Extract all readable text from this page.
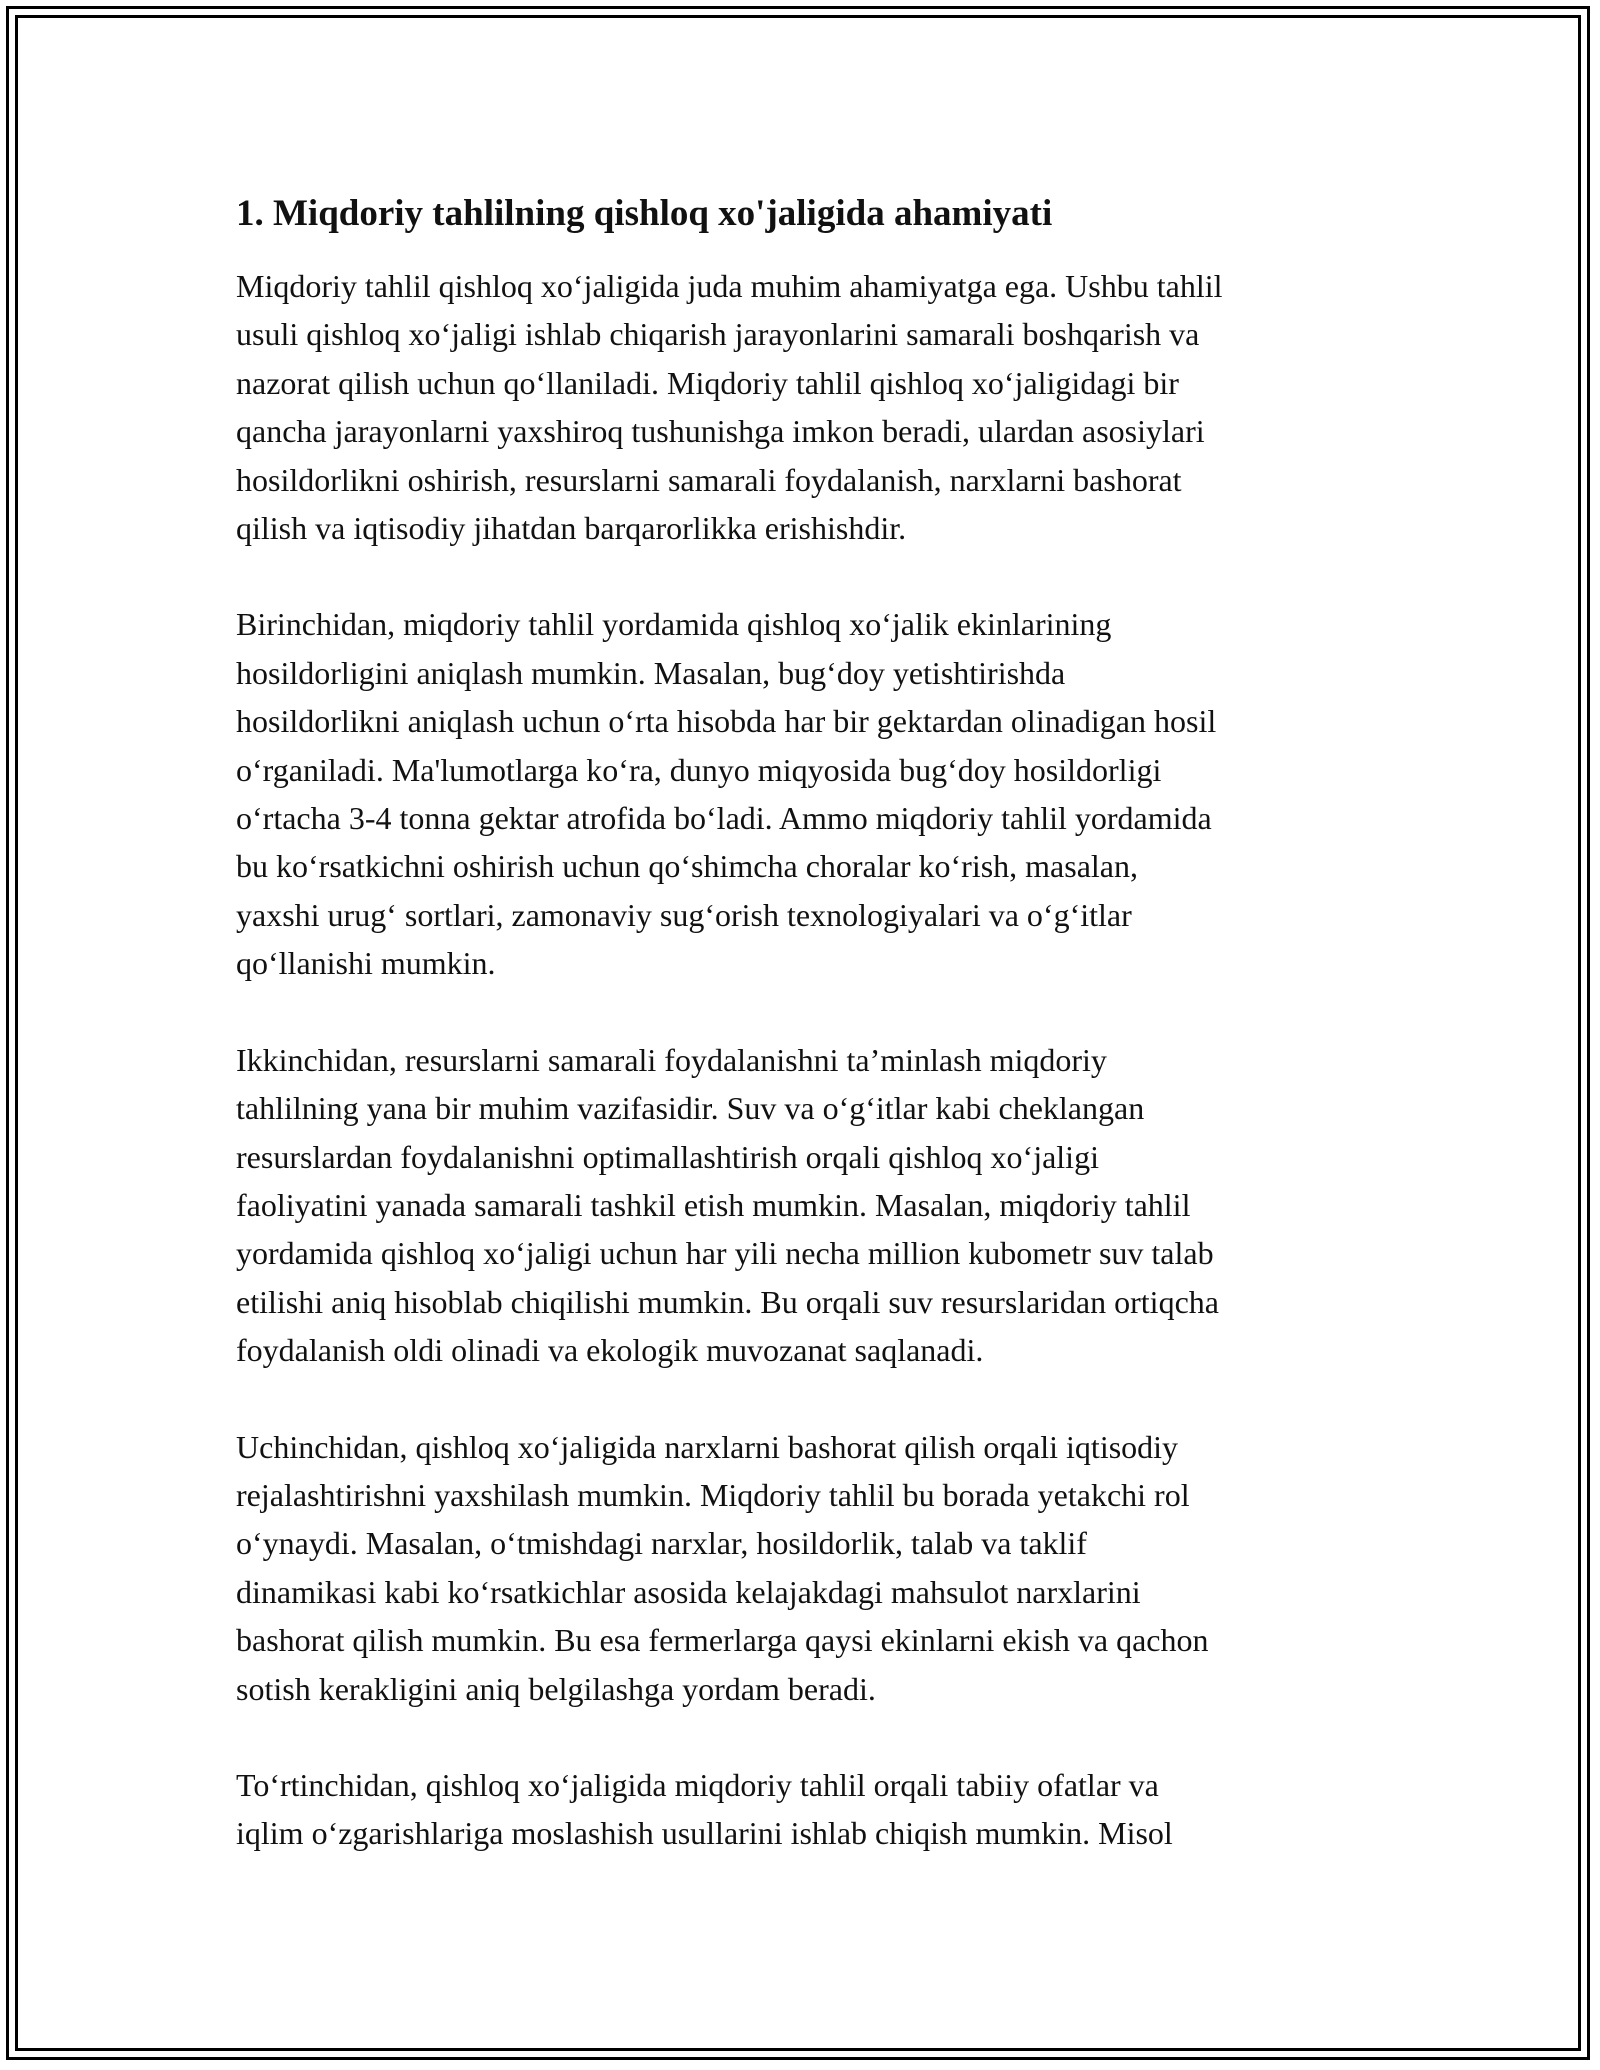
1. Miqdoriy tahlilning qishloq xo'jaligida ahamiyati

Miqdoriy tahlil qishloq xo‘jaligida juda muhim ahamiyatga ega. Ushbu tahlil
usuli qishloq xo‘jaligi ishlab chiqarish jarayonlarini samarali boshqarish va
nazorat qilish uchun qo‘llaniladi. Miqdoriy tahlil qishloq xo‘jaligidagi bir
qancha jarayonlarni yaxshiroq tushunishga imkon beradi, ulardan asosiylari
hosildorlikni oshirish, resurslarni samarali foydalanish, narxlarni bashorat
qilish va iqtisodiy jihatdan barqarorlikka erishishdir.

Birinchidan, miqdoriy tahlil yordamida qishloq xo‘jalik ekinlarining
hosildorligini aniqlash mumkin. Masalan, bug‘doy yetishtirishda
hosildorlikni aniqlash uchun o‘rta hisobda har bir gektardan olinadigan hosil
o‘rganiladi. Ma'lumotlarga ko‘ra, dunyo miqyosida bug‘doy hosildorligi
o‘rtacha 3-4 tonna gektar atrofida bo‘ladi. Ammo miqdoriy tahlil yordamida
bu ko‘rsatkichni oshirish uchun qo‘shimcha choralar ko‘rish, masalan,
yaxshi urug‘ sortlari, zamonaviy sug‘orish texnologiyalari va o‘g‘itlar
qo‘llanishi mumkin.

Ikkinchidan, resurslarni samarali foydalanishni ta’minlash miqdoriy
tahlilning yana bir muhim vazifasidir. Suv va o‘g‘itlar kabi cheklangan
resurslardan foydalanishni optimallashtirish orqali qishloq xo‘jaligi
faoliyatini yanada samarali tashkil etish mumkin. Masalan, miqdoriy tahlil
yordamida qishloq xo‘jaligi uchun har yili necha million kubometr suv talab
etilishi aniq hisoblab chiqilishi mumkin. Bu orqali suv resurslaridan ortiqcha
foydalanish oldi olinadi va ekologik muvozanat saqlanadi.

Uchinchidan, qishloq xo‘jaligida narxlarni bashorat qilish orqali iqtisodiy
rejalashtirishni yaxshilash mumkin. Miqdoriy tahlil bu borada yetakchi rol
o‘ynaydi. Masalan, o‘tmishdagi narxlar, hosildorlik, talab va taklif
dinamikasi kabi ko‘rsatkichlar asosida kelajakdagi mahsulot narxlarini
bashorat qilish mumkin. Bu esa fermerlarga qaysi ekinlarni ekish va qachon
sotish kerakligini aniq belgilashga yordam beradi.

To‘rtinchidan, qishloq xo‘jaligida miqdoriy tahlil orqali tabiiy ofatlar va
iqlim o‘zgarishlariga moslashish usullarini ishlab chiqish mumkin. Misol
